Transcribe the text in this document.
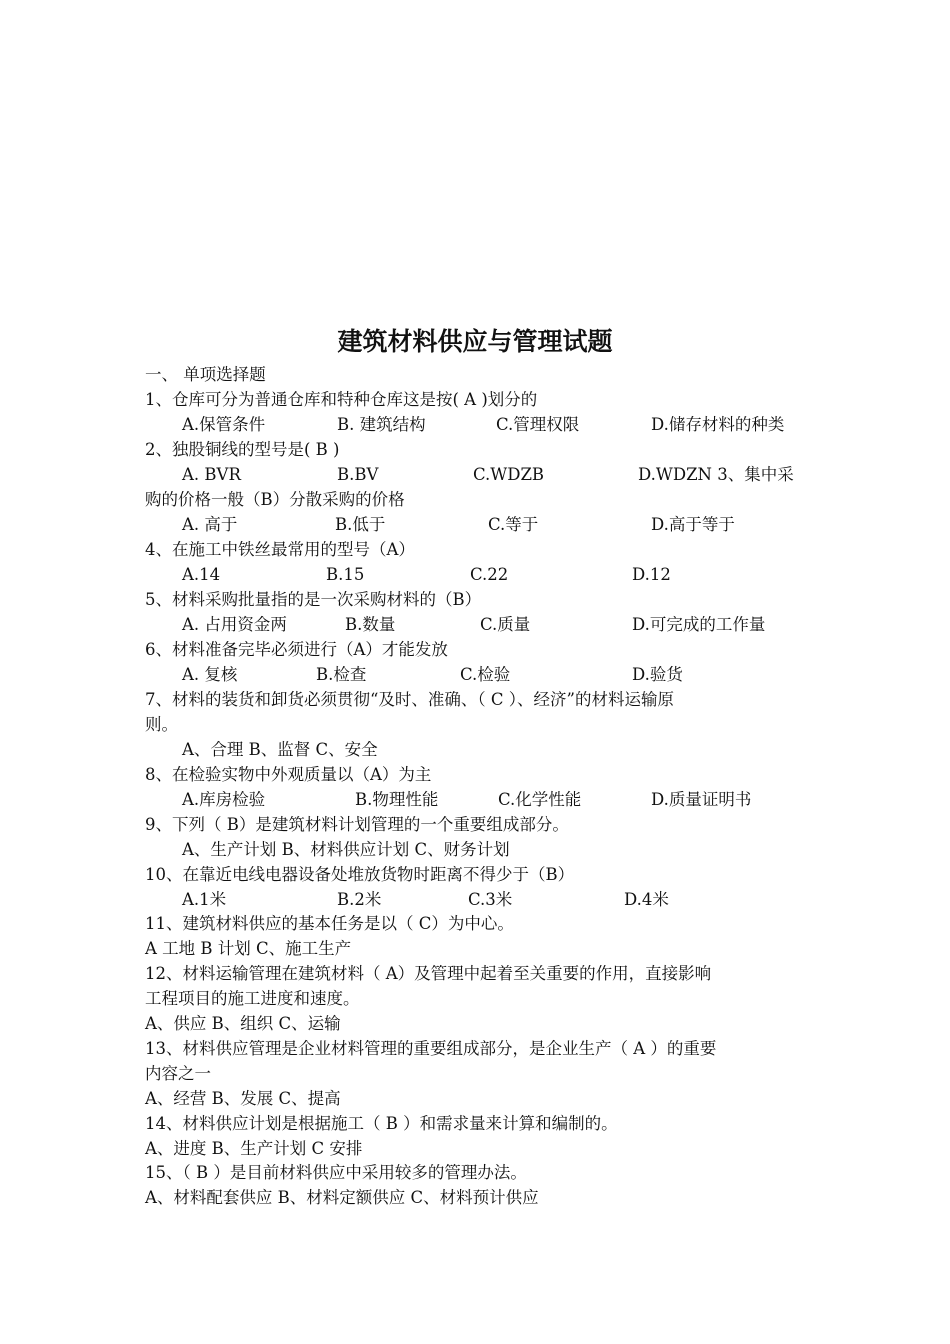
建筑材料供应与管理试题
一、 单项选择题
1、仓库可分为普通仓库和特种仓库这是按( A )划分的
A.保管条件	B. 建筑结构	C.管理权限	D.储存材料的种类
2、独股铜线的型号是( B )
A. BVR	B.BV	C.WDZB	D.WDZN 3、集中采
购的价格一般（B）分散采购的价格
A. 高于	B.低于	C.等于	D.高于等于
4、在施工中铁丝最常用的型号（A）
A.14	B.15	C.22	D.12
5、材料采购批量指的是一次采购材料的（B）
A. 占用资金两	B.数量	C.质量	D.可完成的工作量
6、材料准备完毕必须进行（A）才能发放
A. 复核	B.检查	C.检验	D.验货
7、材料的装货和卸货必须贯彻“及时、准确、（ C ）、经济”的材料运输原
则。
A、合理 B、监督 C、安全
8、在检验实物中外观质量以（A）为主
A.库房检验	B.物理性能	C.化学性能	D.质量证明书
9、下列（ B）是建筑材料计划管理的一个重要组成部分。
A、生产计划 B、材料供应计划 C、财务计划
10、在靠近电线电器设备处堆放货物时距离不得少于（B）
A.1米	B.2米	C.3米	D.4米
11、建筑材料供应的基本任务是以（ C）为中心。
A 工地 B 计划 C、施工生产
12、材料运输管理在建筑材料（ A）及管理中起着至关重要的作用，直接影响
工程项目的施工进度和速度。
A、供应 B、组织 C、运输
13、材料供应管理是企业材料管理的重要组成部分，是企业生产（ A ）的重要
内容之一
A、经营 B、发展 C、提高
14、材料供应计划是根据施工（ B ）和需求量来计算和编制的。
A、进度 B、生产计划 C 安排
15、（ B ）是目前材料供应中采用较多的管理办法。
A、材料配套供应 B、材料定额供应 C、材料预计供应
